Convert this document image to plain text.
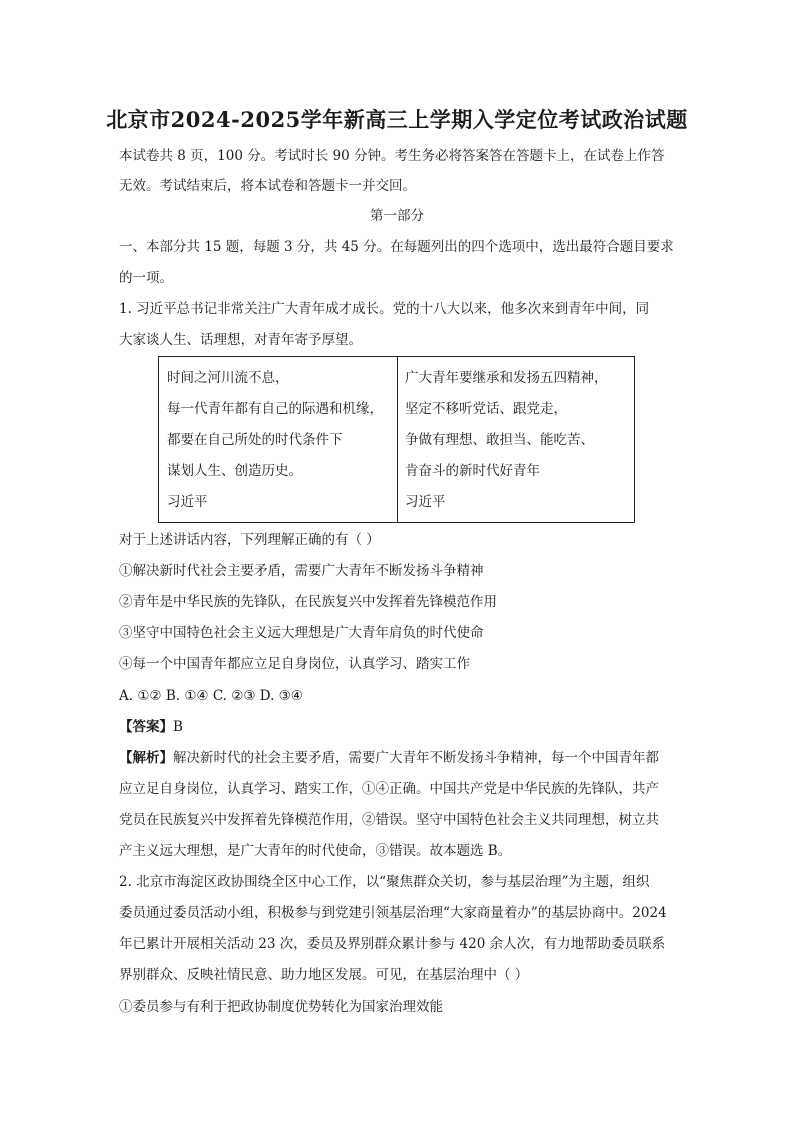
北京市2024-2025学年新高三上学期入学定位考试政治试题
本试卷共 8 页，100 分。考试时长 90 分钟。考生务必将答案答在答题卡上，在试卷上作答
无效。考试结束后，将本试卷和答题卡一并交回。
第一部分
一、本部分共 15 题，每题 3 分，共 45 分。在每题列出的四个选项中，选出最符合题目要求
的一项。
1. 习近平总书记非常关注广大青年成才成长。党的十八大以来，他多次来到青年中间，同
大家谈人生、话理想，对青年寄予厚望。
时间之河川流不息，
每一代青年都有自己的际遇和机缘，
都要在自己所处的时代条件下
谋划人生、创造历史。
习近平
广大青年要继承和发扬五四精神，
坚定不移听党话、跟党走，
争做有理想、敢担当、能吃苦、
肯奋斗的新时代好青年
习近平
对于上述讲话内容，下列理解正确的有（ ）
①解决新时代社会主要矛盾，需要广大青年不断发扬斗争精神
②青年是中华民族的先锋队，在民族复兴中发挥着先锋模范作用
③坚守中国特色社会主义远大理想是广大青年肩负的时代使命
④每一个中国青年都应立足自身岗位，认真学习、踏实工作
A. ①② B. ①④ C. ②③ D. ③④
【答案】B
【解析】解决新时代的社会主要矛盾，需要广大青年不断发扬斗争精神，每一个中国青年都
应立足自身岗位，认真学习、踏实工作，①④正确。中国共产党是中华民族的先锋队，共产
党员在民族复兴中发挥着先锋模范作用，②错误。坚守中国特色社会主义共同理想，树立共
产主义远大理想，是广大青年的时代使命，③错误。故本题选 B。
2. 北京市海淀区政协围绕全区中心工作，以“聚焦群众关切，参与基层治理”为主题，组织
委员通过委员活动小组，积极参与到党建引领基层治理“大家商量着办”的基层协商中。2024
年已累计开展相关活动 23 次，委员及界别群众累计参与 420 余人次，有力地帮助委员联系
界别群众、反映社情民意、助力地区发展。可见，在基层治理中（ ）
①委员参与有利于把政协制度优势转化为国家治理效能
